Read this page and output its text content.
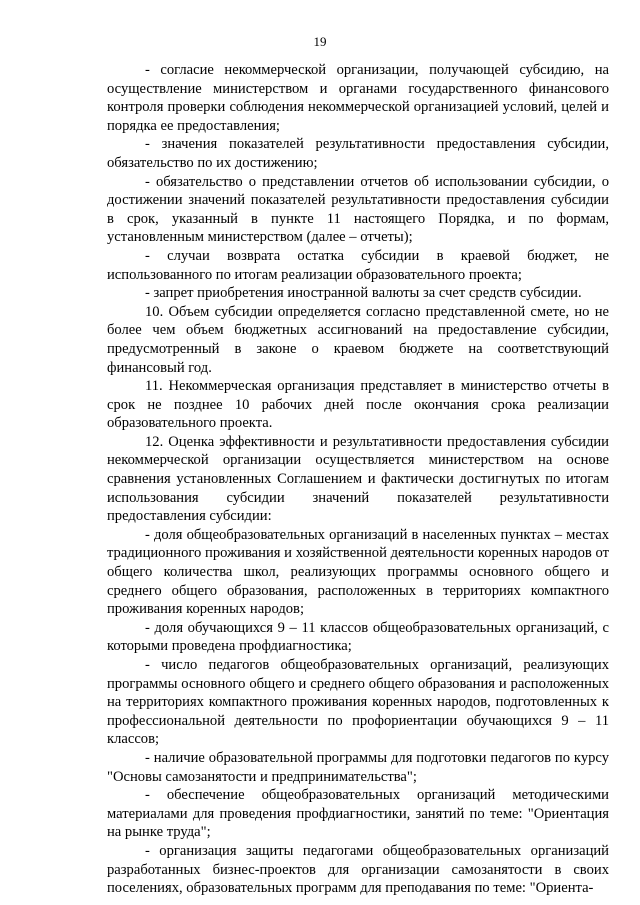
19

- согласие некоммерческой организации, получающей субсидию, на осуществление министерством и органами государственного финансового контроля проверки соблюдения некоммерческой организацией условий, целей и порядка ее предоставления;

- значения показателей результативности предоставления субсидии, обязательство по их достижению;

- обязательство о представлении отчетов об использовании субсидии, о достижении значений показателей результативности предоставления субсидии в срок, указанный в пункте 11 настоящего Порядка, и по формам, установленным министерством (далее – отчеты);

- случаи возврата остатка субсидии в краевой бюджет, не использованного по итогам реализации образовательного проекта;

- запрет приобретения иностранной валюты за счет средств субсидии.

10. Объем субсидии определяется согласно представленной смете, но не более чем объем бюджетных ассигнований на предоставление субсидии, предусмотренный в законе о краевом бюджете на соответствующий финансовый год.

11. Некоммерческая организация представляет в министерство отчеты в срок не позднее 10 рабочих дней после окончания срока реализации образовательного проекта.

12. Оценка эффективности и результативности предоставления субсидии некоммерческой организации осуществляется министерством на основе сравнения установленных Соглашением и фактически достигнутых по итогам использования субсидии значений показателей результативности предоставления субсидии:

- доля общеобразовательных организаций в населенных пунктах – местах традиционного проживания и хозяйственной деятельности коренных народов от общего количества школ, реализующих программы основного общего и среднего общего образования, расположенных в территориях компактного проживания коренных народов;

- доля обучающихся 9 – 11 классов общеобразовательных организаций, с которыми проведена профдиагностика;

- число педагогов общеобразовательных организаций, реализующих программы основного общего и среднего общего образования и расположенных на территориях компактного проживания коренных народов, подготовленных к профессиональной деятельности по профориентации обучающихся 9 – 11 классов;

- наличие образовательной программы для подготовки педагогов по курсу "Основы самозанятости и предпринимательства";

- обеспечение общеобразовательных организаций методическими материалами для проведения профдиагностики, занятий по теме: "Ориентация на рынке труда";

- организация защиты педагогами общеобразовательных организаций разработанных бизнес-проектов для организации самозанятости в своих поселениях, образовательных программ для преподавания по теме: "Ориента-
